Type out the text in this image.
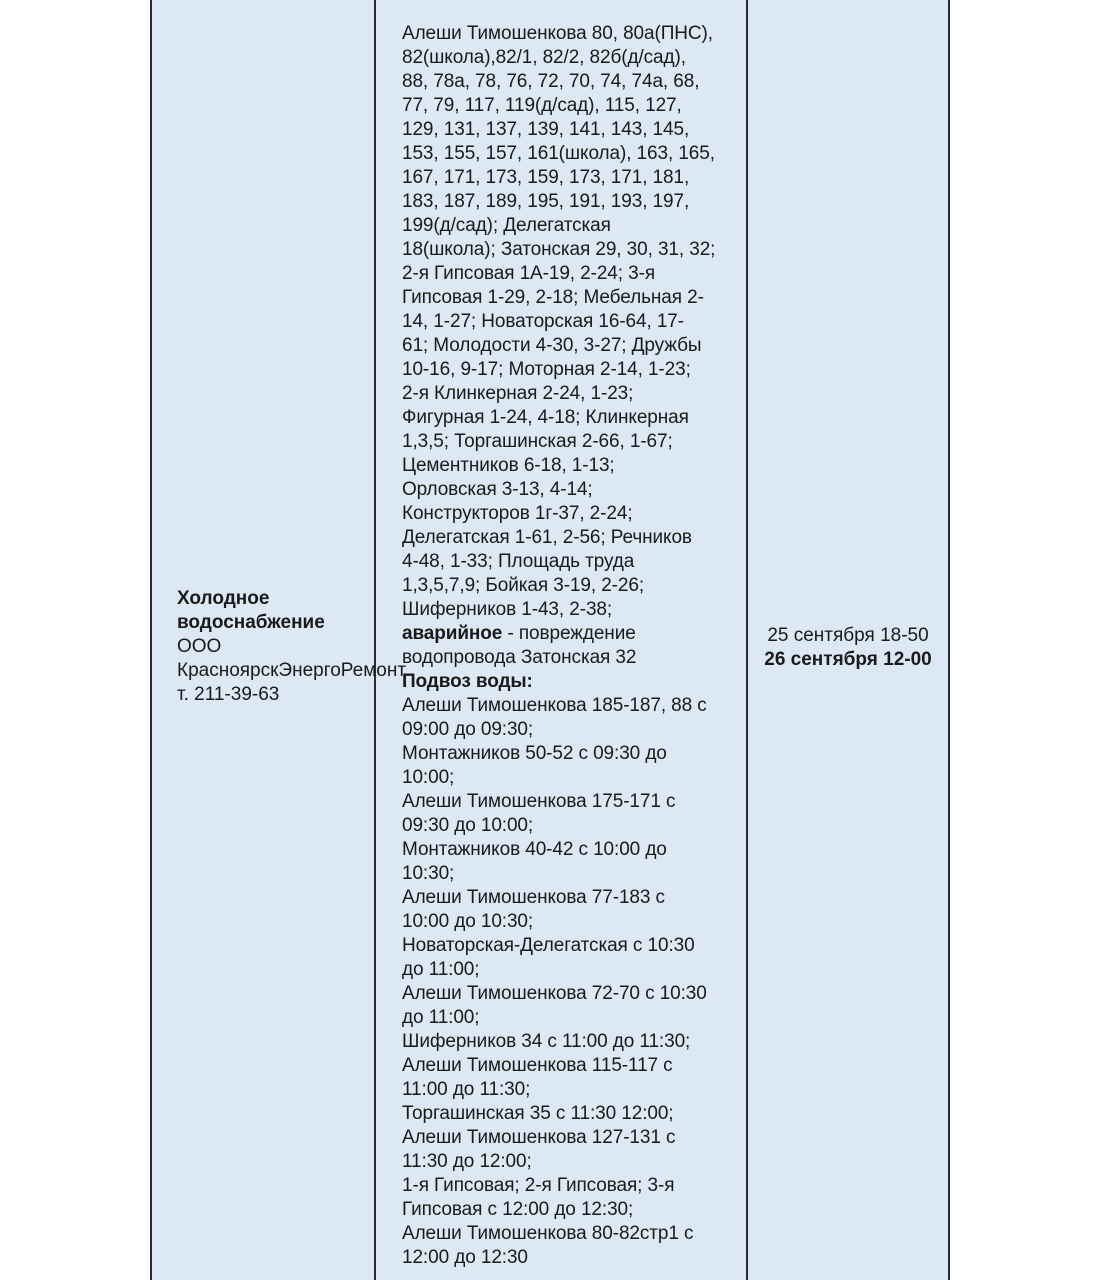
Холодное
водоснабжение
ООО
КрасноярскЭнергоРемонт
т. 211-39-63
Алеши Тимошенкова 80, 80а(ПНС),
82(школа),82/1, 82/2, 82б(д/сад),
88, 78а, 78, 76, 72, 70, 74, 74а, 68,
77, 79, 117, 119(д/сад), 115, 127,
129, 131, 137, 139, 141, 143, 145,
153, 155, 157, 161(школа), 163, 165,
167, 171, 173, 159, 173, 171, 181,
183, 187, 189, 195, 191, 193, 197,
199(д/сад); Делегатская
18(школа); Затонская 29, 30, 31, 32;
2-я Гипсовая 1А-19, 2-24; 3-я
Гипсовая 1-29, 2-18; Мебельная 2-
14, 1-27; Новаторская 16-64, 17-
61; Молодости 4-30, 3-27; Дружбы
10-16, 9-17; Моторная 2-14, 1-23;
2-я Клинкерная 2-24, 1-23;
Фигурная 1-24, 4-18; Клинкерная
1,3,5; Торгашинская 2-66, 1-67;
Цементников 6-18, 1-13;
Орловская 3-13, 4-14;
Конструкторов 1г-37, 2-24;
Делегатская 1-61, 2-56; Речников
4-48, 1-33; Площадь труда
1,3,5,7,9; Бойкая 3-19, 2-26;
Шиферников 1-43, 2-38;
аварийное - повреждение
водопровода Затонская 32
Подвоз воды:
Алеши Тимошенкова 185-187, 88 с
09:00 до 09:30;
Монтажников 50-52 с 09:30 до
10:00;
Алеши Тимошенкова 175-171 с
09:30 до 10:00;
Монтажников 40-42 с 10:00 до
10:30;
Алеши Тимошенкова 77-183 с
10:00 до 10:30;
Новаторская-Делегатская с 10:30
до 11:00;
Алеши Тимошенкова 72-70 с 10:30
до 11:00;
Шиферников 34 с 11:00 до 11:30;
Алеши Тимошенкова 115-117 с
11:00 до 11:30;
Торгашинская 35 с 11:30 12:00;
Алеши Тимошенкова 127-131 с
11:30 до 12:00;
1-я Гипсовая; 2-я Гипсовая; 3-я
Гипсовая с 12:00 до 12:30;
Алеши Тимошенкова 80-82стр1 с
12:00 до 12:30
25 сентября 18-50
26 сентября 12-00
